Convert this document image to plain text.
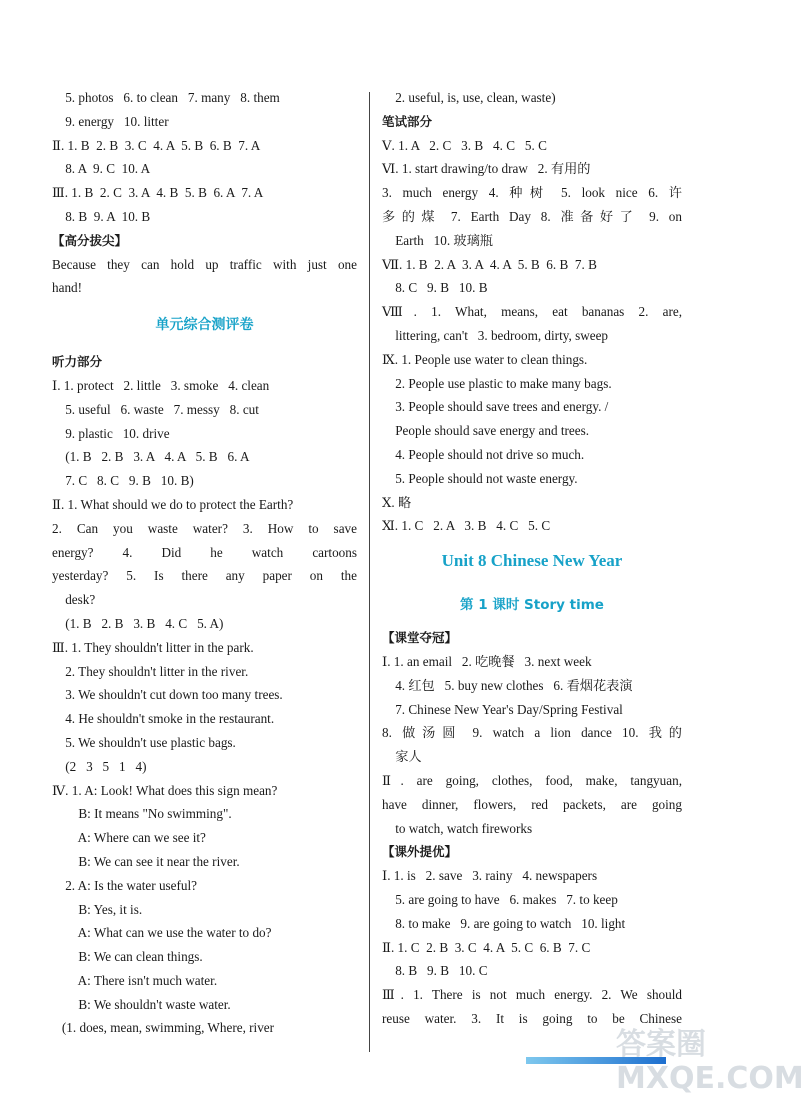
5. photos   6. to clean   7. many   8. them
9. energy   10. litter
Ⅱ. 1. B  2. B  3. C  4. A  5. B  6. B  7. A
8. A  9. C  10. A
Ⅲ. 1. B  2. C  3. A  4. B  5. B  6. A  7. A
8. B  9. A  10. B
【高分拔尖】
Because they can hold up traffic with just one
hand!
单元综合测评卷
听力部分
Ⅰ. 1. protect   2. little   3. smoke   4. clean
5. useful   6. waste   7. messy   8. cut
9. plastic   10. drive
(1. B   2. B   3. A   4. A   5. B   6. A
7. C   8. C   9. B   10. B)
Ⅱ. 1. What should we do to protect the Earth?
2. Can you waste water? 3. How to save
energy? 4. Did he watch cartoons
yesterday? 5. Is there any paper on the
desk?
(1. B   2. B   3. B   4. C   5. A)
Ⅲ. 1. They shouldn't litter in the park.
2. They shouldn't litter in the river.
3. We shouldn't cut down too many trees.
4. He shouldn't smoke in the restaurant.
5. We shouldn't use plastic bags.
(2   3   5   1   4)
Ⅳ. 1. A: Look! What does this sign mean?
B: It means "No swimming".
A: Where can we see it?
B: We can see it near the river.
2. A: Is the water useful?
B: Yes, it is.
A: What can we use the water to do?
B: We can clean things.
A: There isn't much water.
B: We shouldn't waste water.
(1. does, mean, swimming, Where, river
2. useful, is, use, clean, waste)
笔试部分
Ⅴ. 1. A   2. C   3. B   4. C   5. C
Ⅵ. 1. start drawing/to draw   2. 有用的
3. much energy 4. 种树 5. look nice 6. 许
多的煤 7. Earth Day 8. 准备好了 9. on
Earth   10. 玻璃瓶
Ⅶ. 1. B  2. A  3. A  4. A  5. B  6. B  7. B
8. C   9. B   10. B
Ⅷ. 1. What, means, eat bananas 2. are,
littering, can't   3. bedroom, dirty, sweep
Ⅸ. 1. People use water to clean things.
2. People use plastic to make many bags.
3. People should save trees and energy. /
People should save energy and trees.
4. People should not drive so much.
5. People should not waste energy.
Ⅹ. 略
Ⅺ. 1. C   2. A   3. B   4. C   5. C
Unit 8 Chinese New Year
第 1 课时 Story time
【课堂夺冠】
Ⅰ. 1. an email   2. 吃晚餐   3. next week
4. 红包   5. buy new clothes   6. 看烟花表演
7. Chinese New Year's Day/Spring Festival
8. 做汤圆 9. watch a lion dance 10. 我的
家人
Ⅱ. are going, clothes, food, make, tangyuan,
have dinner, flowers, red packets, are going
to watch, watch fireworks
【课外提优】
Ⅰ. 1. is   2. save   3. rainy   4. newspapers
5. are going to have   6. makes   7. to keep
8. to make   9. are going to watch   10. light
Ⅱ. 1. C  2. B  3. C  4. A  5. C  6. B  7. C
8. B   9. B   10. C
Ⅲ. 1. There is not much energy. 2. We should
reuse water. 3. It is going to be Chinese
答案圈 MXQE.COM
